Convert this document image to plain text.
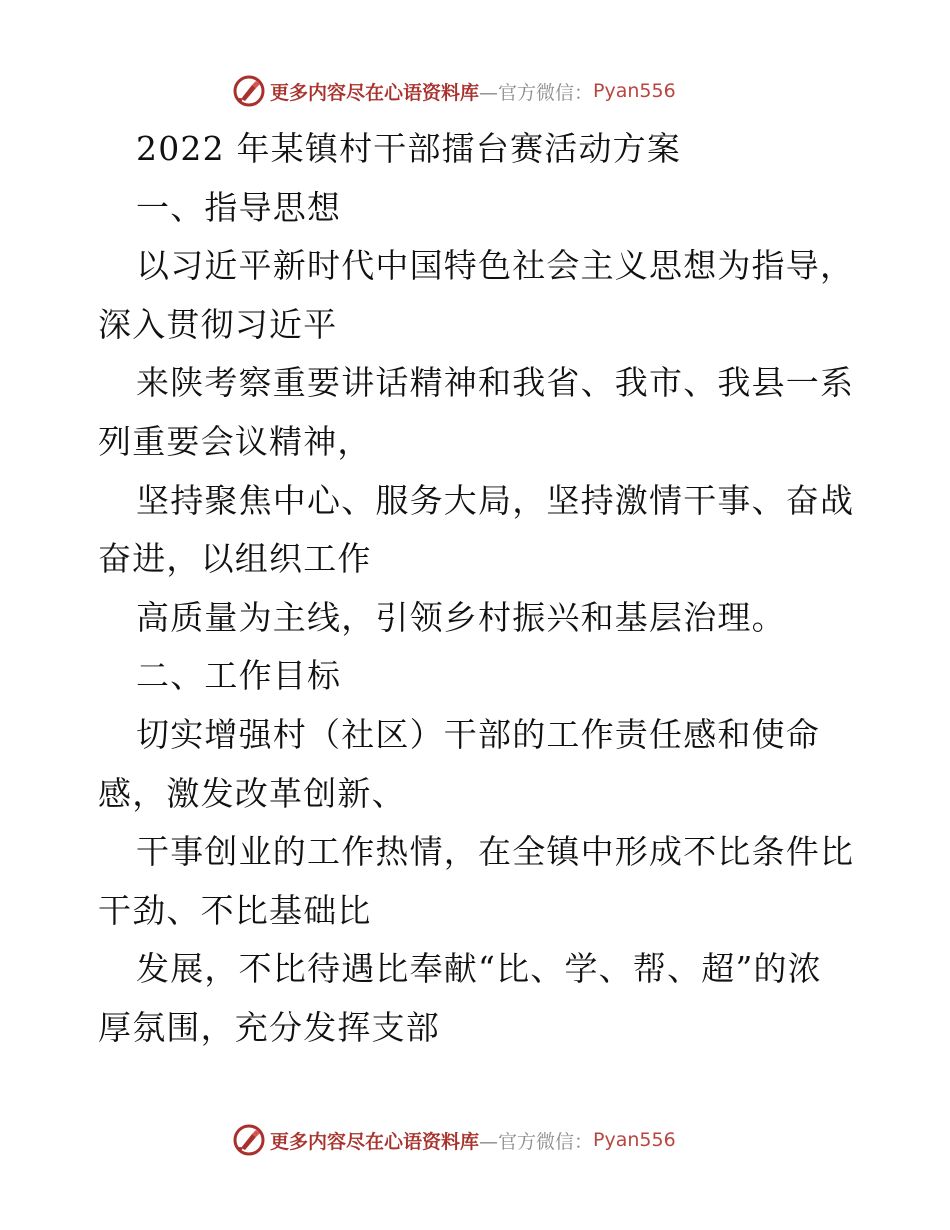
更多内容尽在心语资料库 —官方微信： Pyan556
2022 年某镇村干部擂台赛活动方案
一、指导思想
以习近平新时代中国特色社会主义思想为指导，
深入贯彻习近平
来陕考察重要讲话精神和我省、我市、我县一系
列重要会议精神，
坚持聚焦中心、服务大局，坚持激情干事、奋战
奋进，以组织工作
高质量为主线，引领乡村振兴和基层治理。
二、工作目标
切实增强村（社区）干部的工作责任感和使命
感，激发改革创新、
干事创业的工作热情，在全镇中形成不比条件比
干劲、不比基础比
发展，不比待遇比奉献“比、学、帮、超”的浓
厚氛围，充分发挥支部
更多内容尽在心语资料库 —官方微信： Pyan556
